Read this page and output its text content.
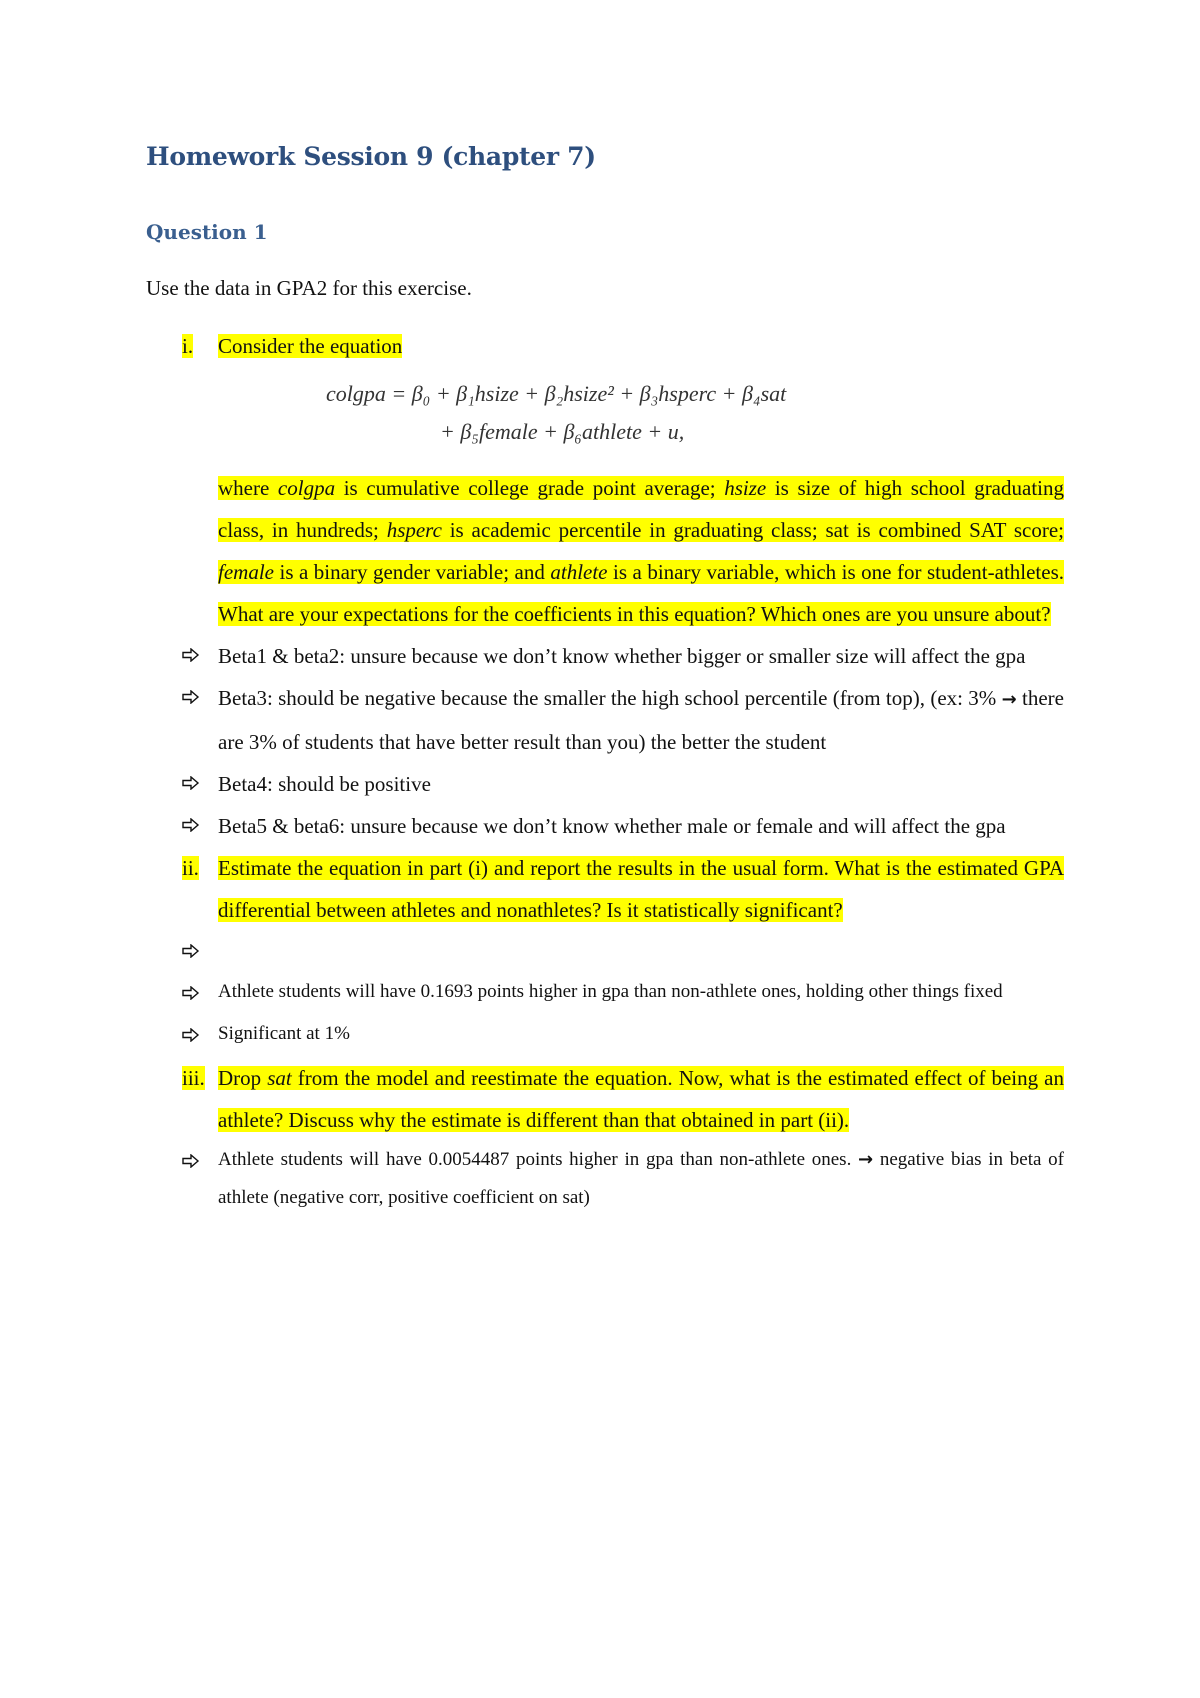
Homework Session 9 (chapter 7)
Question 1

Use the data in GPA2 for this exercise.

i.	Consider the equation
colgpa = β₀ + β₁hsize + β₂hsize² + β₃hsperc + β₄sat
+ β₅female + β₆athlete + u,
where colgpa is cumulative college grade point average; hsize is size of high school graduating class, in hundreds; hsperc is academic percentile in graduating class; sat is combined SAT score; female is a binary gender variable; and athlete is a binary variable, which is one for student-athletes. What are your expectations for the coefficients in this equation? Which ones are you unsure about?
Beta1 & beta2: unsure because we don’t know whether bigger or smaller size will affect the gpa
Beta3: should be negative because the smaller the high school percentile (from top), (ex: 3% → there are 3% of students that have better result than you) the better the student
Beta4: should be positive
Beta5 & beta6: unsure because we don’t know whether male or female and will affect the gpa
ii. Estimate the equation in part (i) and report the results in the usual form. What is the estimated GPA differential between athletes and nonathletes? Is it statistically significant?
Athlete students will have 0.1693 points higher in gpa than non-athlete ones, holding other things fixed
Significant at 1%
iii. Drop sat from the model and reestimate the equation. Now, what is the estimated effect of being an athlete? Discuss why the estimate is different than that obtained in part (ii).
Athlete students will have 0.0054487 points higher in gpa than non-athlete ones. → negative bias in beta of athlete (negative corr, positive coefficient on sat)
